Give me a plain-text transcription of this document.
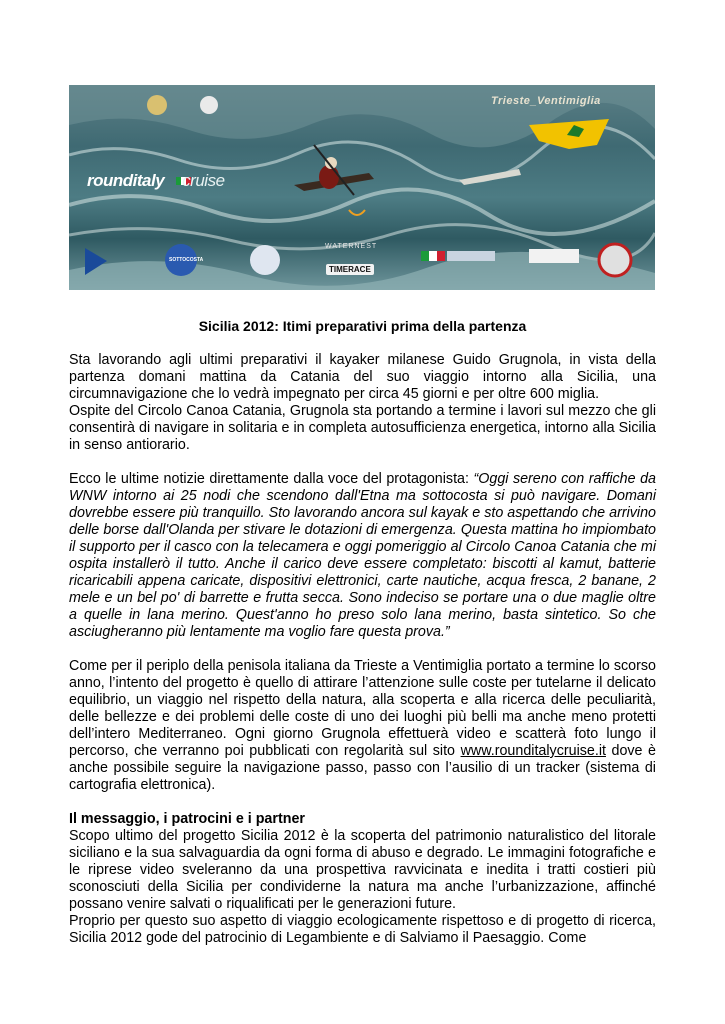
Trieste_Ventimiglia
rounditaly cruise
SOTTOCOSTA
WATERNEST
TIMERACE
Sicilia 2012: Itimi preparativi prima della partenza

Sta lavorando agli ultimi preparativi il kayaker milanese Guido Grugnola, in vista della partenza domani mattina da Catania del suo viaggio intorno alla Sicilia, una circumnavigazione che lo vedrà impegnato per circa 45 giorni e per oltre 600 miglia.

Ospite del Circolo Canoa Catania, Grugnola sta portando a termine i lavori sul mezzo che gli consentirà di navigare in solitaria e in completa autosufficienza energetica, intorno alla Sicilia in senso antiorario.

Ecco le ultime notizie direttamente dalla voce del protagonista: “Oggi sereno con raffiche da WNW intorno ai 25 nodi che scendono dall'Etna ma sottocosta si può navigare. Domani dovrebbe essere più tranquillo. Sto lavorando ancora sul kayak e sto aspettando che arrivino delle borse dall'Olanda per stivare le dotazioni di emergenza. Questa mattina ho impiombato il supporto per il casco con la telecamera e oggi pomeriggio al Circolo Canoa Catania che mi ospita installerò il tutto. Anche il carico deve essere completato: biscotti al kamut, batterie ricaricabili appena caricate, dispositivi elettronici, carte nautiche, acqua fresca, 2 banane, 2 mele e un bel po' di barrette e frutta secca. Sono indeciso se portare una o due maglie oltre a quelle in lana merino. Quest'anno ho preso solo lana merino, basta sintetico. So che asciugheranno più lentamente ma voglio fare questa prova.”

Come per il periplo della penisola italiana da Trieste a Ventimiglia portato a termine lo scorso anno, l’intento del progetto è quello di attirare l’attenzione sulle coste per tutelarne il delicato equilibrio, un viaggio nel rispetto della natura, alla scoperta e alla ricerca delle peculiarità, delle bellezze e dei problemi delle coste di uno dei luoghi più belli ma anche meno protetti dell’intero Mediterraneo. Ogni giorno Grugnola effettuerà video e scatterà foto lungo il percorso, che verranno poi pubblicati con regolarità sul sito www.rounditalycruise.it dove è anche possibile seguire la navigazione passo, passo con l’ausilio di un tracker (sistema di cartografia elettronica).

Il messaggio, i patrocini e i partner

Scopo ultimo del progetto Sicilia 2012 è la scoperta del patrimonio naturalistico del litorale siciliano e la sua salvaguardia da ogni forma di abuso e degrado. Le immagini fotografiche e le riprese video sveleranno da una prospettiva ravvicinata e inedita i tratti costieri più sconosciuti della Sicilia per condividerne la natura ma anche l’urbanizzazione, affinché possano venire salvati o riqualificati per le generazioni future.

Proprio per questo suo aspetto di viaggio ecologicamente rispettoso e di progetto di ricerca, Sicilia 2012 gode del patrocinio di Legambiente e di Salviamo il Paesaggio. Come
